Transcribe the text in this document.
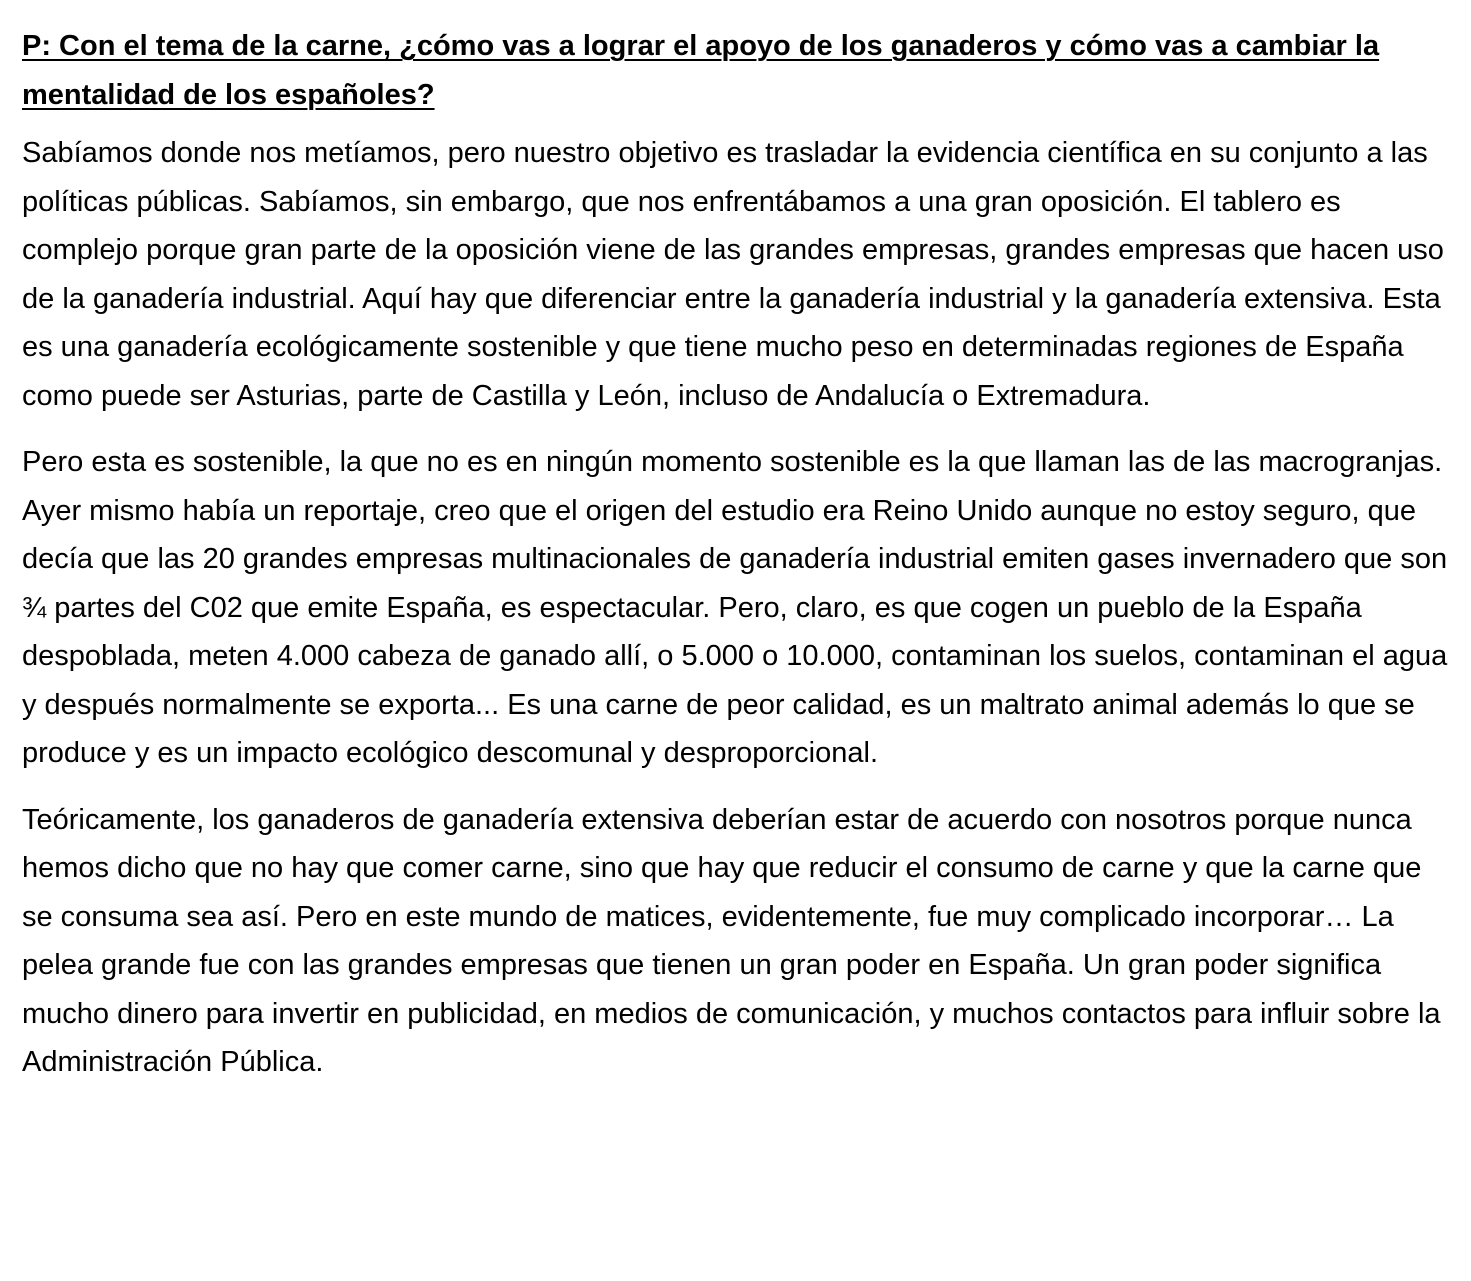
P: Con el tema de la carne, ¿cómo vas a lograr el apoyo de los ganaderos y cómo vas a cambiar la mentalidad de los españoles?

Sabíamos donde nos metíamos, pero nuestro objetivo es trasladar la evidencia científica en su conjunto a las políticas públicas. Sabíamos, sin embargo, que nos enfrentábamos a una gran oposición. El tablero es complejo porque gran parte de la oposición viene de las grandes empresas, grandes empresas que hacen uso de la ganadería industrial. Aquí hay que diferenciar entre la ganadería industrial y la ganadería extensiva. Esta es una ganadería ecológicamente sostenible y que tiene mucho peso en determinadas regiones de España como puede ser Asturias, parte de Castilla y León, incluso de Andalucía o Extremadura.

Pero esta es sostenible, la que no es en ningún momento sostenible es la que llaman las de las macrogranjas. Ayer mismo había un reportaje, creo que el origen del estudio era Reino Unido aunque no estoy seguro, que decía que las 20 grandes empresas multinacionales de ganadería industrial emiten gases invernadero que son ¾ partes del C02 que emite España, es espectacular. Pero, claro, es que cogen un pueblo de la España despoblada, meten 4.000 cabeza de ganado allí, o 5.000 o 10.000, contaminan los suelos, contaminan el agua y después normalmente se exporta... Es una carne de peor calidad, es un maltrato animal además lo que se produce y es un impacto ecológico descomunal y desproporcional.

Teóricamente, los ganaderos de ganadería extensiva deberían estar de acuerdo con nosotros porque nunca hemos dicho que no hay que comer carne, sino que hay que reducir el consumo de carne y que la carne que se consuma sea así. Pero en este mundo de matices, evidentemente, fue muy complicado incorporar… La pelea grande fue con las grandes empresas que tienen un gran poder en España. Un gran poder significa mucho dinero para invertir en publicidad, en medios de comunicación, y muchos contactos para influir sobre la Administración Pública.
